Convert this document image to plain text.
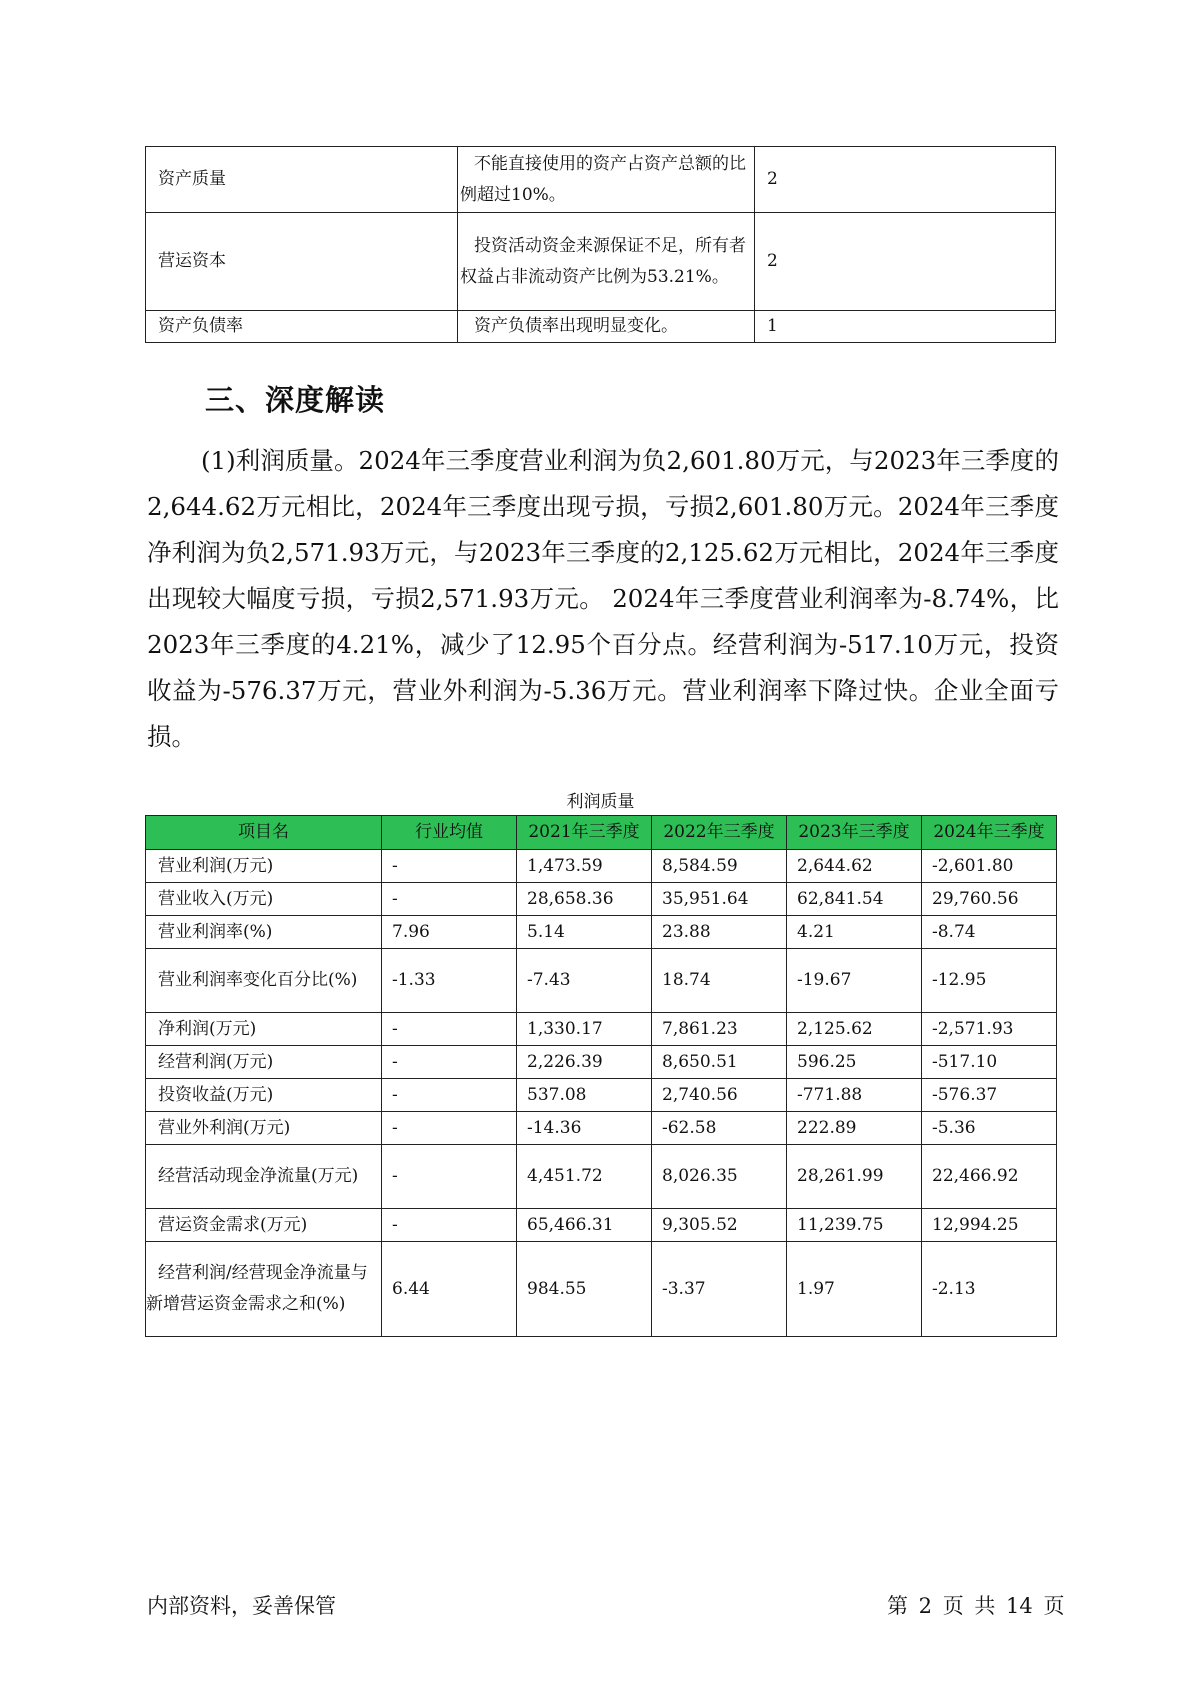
资产质量	不能直接使用的资产占资产总额的比例超过10%。	2
营运资本	投资活动资金来源保证不足，所有者权益占非流动资产比例为53.21%。	2
资产负债率	资产负债率出现明显变化。	1
三、深度解读

(1)利润质量。2024年三季度营业利润为负2,601.80万元，与2023年三季度的2,644.62万元相比，2024年三季度出现亏损，亏损2,601.80万元。2024年三季度净利润为负2,571.93万元，与2023年三季度的2,125.62万元相比，2024年三季度出现较大幅度亏损，亏损2,571.93万元。 2024年三季度营业利润率为-8.74%，比2023年三季度的4.21%，减少了12.95个百分点。经营利润为-517.10万元，投资收益为-576.37万元，营业外利润为-5.36万元。营业利润率下降过快。企业全面亏损。

利润质量

项目名	行业均值	2021年三季度	2022年三季度	2023年三季度	2024年三季度
营业利润(万元)	-	1,473.59	8,584.59	2,644.62	-2,601.80
营业收入(万元)	-	28,658.36	35,951.64	62,841.54	29,760.56
营业利润率(%)	7.96	5.14	23.88	4.21	-8.74
营业利润率变化百分比(%)	-1.33	-7.43	18.74	-19.67	-12.95
净利润(万元)	-	1,330.17	7,861.23	2,125.62	-2,571.93
经营利润(万元)	-	2,226.39	8,650.51	596.25	-517.10
投资收益(万元)	-	537.08	2,740.56	-771.88	-576.37
营业外利润(万元)	-	-14.36	-62.58	222.89	-5.36
经营活动现金净流量(万元)	-	4,451.72	8,026.35	28,261.99	22,466.92
营运资金需求(万元)	-	65,466.31	9,305.52	11,239.75	12,994.25
经营利润/经营现金净流量与新增营运资金需求之和(%)	6.44	984.55	-3.37	1.97	-2.13

内部资料，妥善保管	第 2 页 共 14 页
